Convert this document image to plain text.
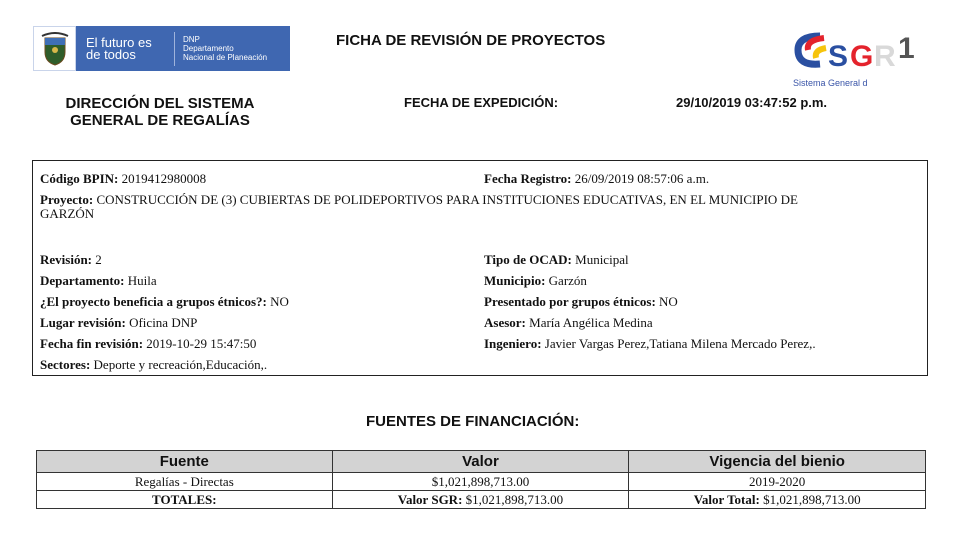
El futuro es de todos
DNP
Departamento
Nacional de Planeación
FICHA DE REVISIÓN DE PROYECTOS	S G R 1
Sistema General d
DIRECCIÓN DEL SISTEMA
GENERAL DE REGALÍAS
FECHA DE EXPEDICIÓN:	29/10/2019 03:47:52 p.m.
Código BPIN: 2019412980008	Fecha Registro: 26/09/2019 08:57:06 a.m.
Proyecto: CONSTRUCCIÓN DE (3) CUBIERTAS DE POLIDEPORTIVOS PARA INSTITUCIONES EDUCATIVAS, EN EL MUNICIPIO DE
GARZÓN
Revisión: 2	Tipo de OCAD: Municipal
Departamento: Huila	Municipio: Garzón
¿El proyecto beneficia a grupos étnicos?: NO	Presentado por grupos étnicos: NO
Lugar revisión: Oficina DNP	Asesor: María Angélica Medina
Fecha fin revisión: 2019-10-29 15:47:50	Ingeniero: Javier Vargas Perez,Tatiana Milena Mercado Perez,.
Sectores: Deporte y recreación,Educación,.
FUENTES DE FINANCIACIÓN:
Fuente	Valor	Vigencia del bienio
Regalías - Directas	$1,021,898,713.00	2019-2020
TOTALES:	Valor SGR: $1,021,898,713.00	Valor Total: $1,021,898,713.00
